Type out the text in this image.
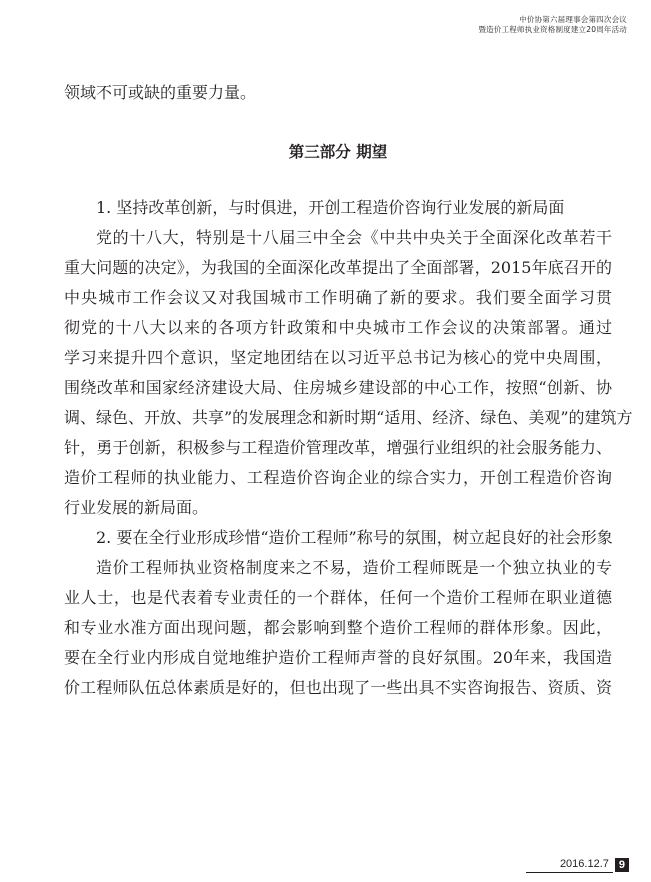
中价协第六届理事会第四次会议
暨造价工程师执业资格制度建立20周年活动

领域不可或缺的重要力量。

第三部分 期望

1. 坚持改革创新，与时俱进，开创工程造价咨询行业发展的新局面

党的十八大，特别是十八届三中全会《中共中央关于全面深化改革若干

重大问题的决定》，为我国的全面深化改革提出了全面部署，2015年底召开的

中央城市工作会议又对我国城市工作明确了新的要求。我们要全面学习贯

彻党的十八大以来的各项方针政策和中央城市工作会议的决策部署。通过

学习来提升四个意识，坚定地团结在以习近平总书记为核心的党中央周围，

围绕改革和国家经济建设大局、住房城乡建设部的中心工作，按照“创新、协

调、绿色、开放、共享”的发展理念和新时期“适用、经济、绿色、美观”的建筑方

针，勇于创新，积极参与工程造价管理改革，增强行业组织的社会服务能力、

造价工程师的执业能力、工程造价咨询企业的综合实力，开创工程造价咨询

行业发展的新局面。

2. 要在全行业形成珍惜“造价工程师”称号的氛围，树立起良好的社会形象

造价工程师执业资格制度来之不易，造价工程师既是一个独立执业的专

业人士，也是代表着专业责任的一个群体，任何一个造价工程师在职业道德

和专业水准方面出现问题，都会影响到整个造价工程师的群体形象。因此，

要在全行业内形成自觉地维护造价工程师声誉的良好氛围。20年来，我国造

价工程师队伍总体素质是好的，但也出现了一些出具不实咨询报告、资质、资

2016.12.7 9
